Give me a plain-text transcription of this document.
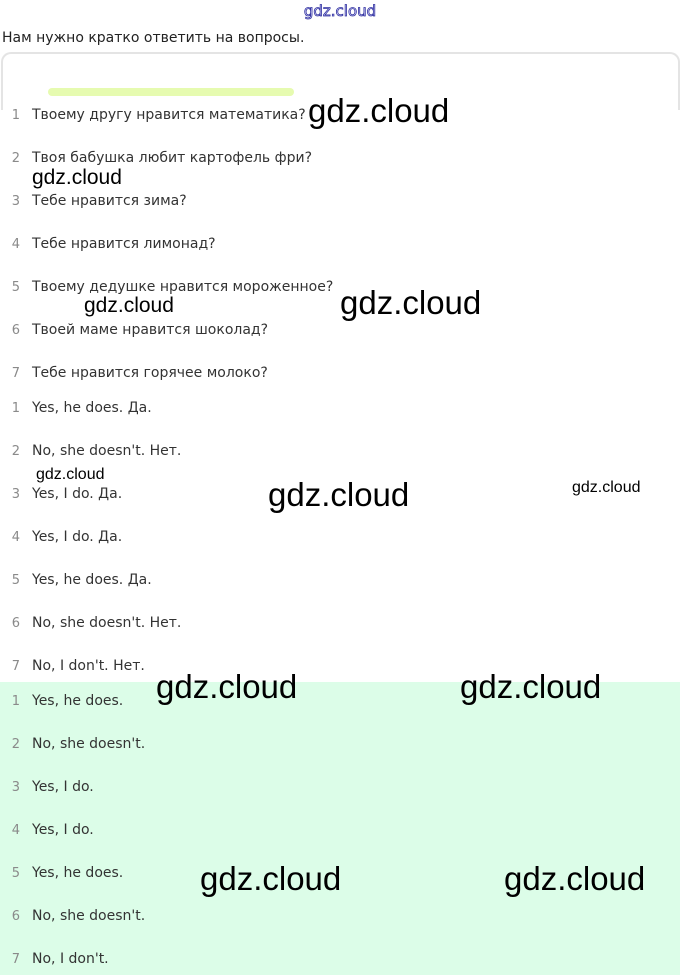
gdz.cloud
Нам нужно кратко ответить на вопросы.
1 Твоему другу нравится математика?
2 Твоя бабушка любит картофель фри?
3 Тебе нравится зима?
4 Тебе нравится лимонад?
5 Твоему дедушке нравится мороженное?
6 Твоей маме нравится шоколад?
7 Тебе нравится горячее молоко?
1 Yes, he does. Да.
2 No, she doesn't. Нет.
3 Yes, I do. Да.
4 Yes, I do. Да.
5 Yes, he does. Да.
6 No, she doesn't. Нет.
7 No, I don't. Нет.
1 Yes, he does.
2 No, she doesn't.
3 Yes, I do.
4 Yes, I do.
5 Yes, he does.
6 No, she doesn't.
7 No, I don't.
gdz.cloud
gdz.cloud
gdz.cloud
gdz.cloud
gdz.cloud
gdz.cloud	gdz.cloud
gdz.cloud	gdz.cloud
gdz.cloud	gdz.cloud
